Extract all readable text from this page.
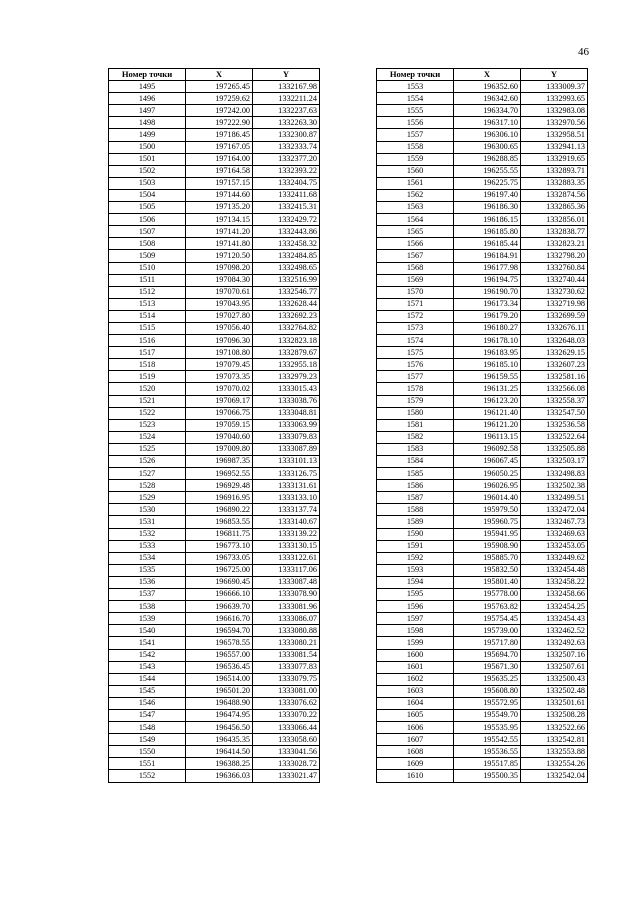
46
Номер точки	X	Y
1495	197265.45	1332167.98
1496	197259.62	1332211.24
1497	197242.00	1332237.63
1498	197222.90	1332263.30
1499	197186.45	1332300.87
1500	197167.05	1332333.74
1501	197164.00	1332377.20
1502	197164.58	1332393.22
1503	197157.15	1332404.75
1504	197144.60	1332411.68
1505	197135.20	1332415.31
1506	197134.15	1332429.72
1507	197141.20	1332443.86
1508	197141.80	1332458.32
1509	197120.50	1332484.85
1510	197098.20	1332498.65
1511	197084.30	1332516.99
1512	197070.61	1332546.77
1513	197043.95	1332628.44
1514	197027.80	1332692.23
1515	197056.40	1332764.82
1516	197096.30	1332823.18
1517	197108.80	1332879.67
1518	197079.45	1332955.18
1519	197073.35	1332979.23
1520	197070.02	1333015.43
1521	197069.17	1333038.76
1522	197066.75	1333048.81
1523	197059.15	1333063.99
1524	197040.60	1333079.83
1525	197009.80	1333087.89
1526	196987.35	1333101.13
1527	196952.55	1333126.75
1528	196929.48	1333131.61
1529	196916.95	1333133.10
1530	196890.22	1333137.74
1531	196853.55	1333140.67
1532	196811.75	1333139.22
1533	196773.10	1333130.15
1534	196733.05	1333122.61
1535	196725.00	1333117.06
1536	196690.45	1333087.48
1537	196666.10	1333078.90
1538	196639.70	1333081.96
1539	196616.70	1333086.07
1540	196594.70	1333080.88
1541	196578.55	1333080.21
1542	196557.00	1333081.54
1543	196536.45	1333077.83
1544	196514.00	1333079.75
1545	196501.20	1333081.00
1546	196488.90	1333076.62
1547	196474.95	1333070.22
1548	196456.50	1333066.44
1549	196435.35	1333058.60
1550	196414.50	1333041.56
1551	196388.25	1333028.72
1552	196366.03	1333021.47
Номер точки	X	Y
1553	196352.60	1333009.37
1554	196342.60	1332993.65
1555	196334.70	1332983.08
1556	196317.10	1332970.56
1557	196306.10	1332958.51
1558	196300.65	1332941.13
1559	196288.85	1332919.65
1560	196255.55	1332893.71
1561	196225.75	1332883.35
1562	196197.40	1332874.56
1563	196186.30	1332865.36
1564	196186.15	1332856.01
1565	196185.80	1332838.77
1566	196185.44	1332823.21
1567	196184.91	1332798.20
1568	196177.98	1332760.84
1569	196194.75	1332740.44
1570	196190.70	1332730.62
1571	196173.34	1332719.98
1572	196179.20	1332699.59
1573	196180.27	1332676.11
1574	196178.10	1332648.03
1575	196183.95	1332629.15
1576	196185.10	1332607.23
1577	196159.55	1332581.16
1578	196131.25	1332566.08
1579	196123.20	1332558.37
1580	196121.40	1332547.50
1581	196121.20	1332536.58
1582	196113.15	1332522.64
1583	196092.58	1332505.88
1584	196067.45	1332503.17
1585	196050.25	1332498.83
1586	196026.95	1332502.38
1587	196014.40	1332499.51
1588	195979.50	1332472.04
1589	195960.75	1332467.73
1590	195941.95	1332469.63
1591	195908.90	1332453.05
1592	195885.70	1332449.62
1593	195832.50	1332454.48
1594	195801.40	1332458.22
1595	195778.00	1332458.66
1596	195763.82	1332454.25
1597	195754.45	1332454.43
1598	195739.00	1332462.52
1599	195717.80	1332492.63
1600	195694.70	1332507.16
1601	195671.30	1332507.61
1602	195635.25	1332500.43
1603	195608.80	1332502.48
1604	195572.95	1332501.61
1605	195549.70	1332508.28
1606	195535.95	1332522.66
1607	195542.55	1332542.81
1608	195536.55	1332553.88
1609	195517.85	1332554.26
1610	195500.35	1332542.04
